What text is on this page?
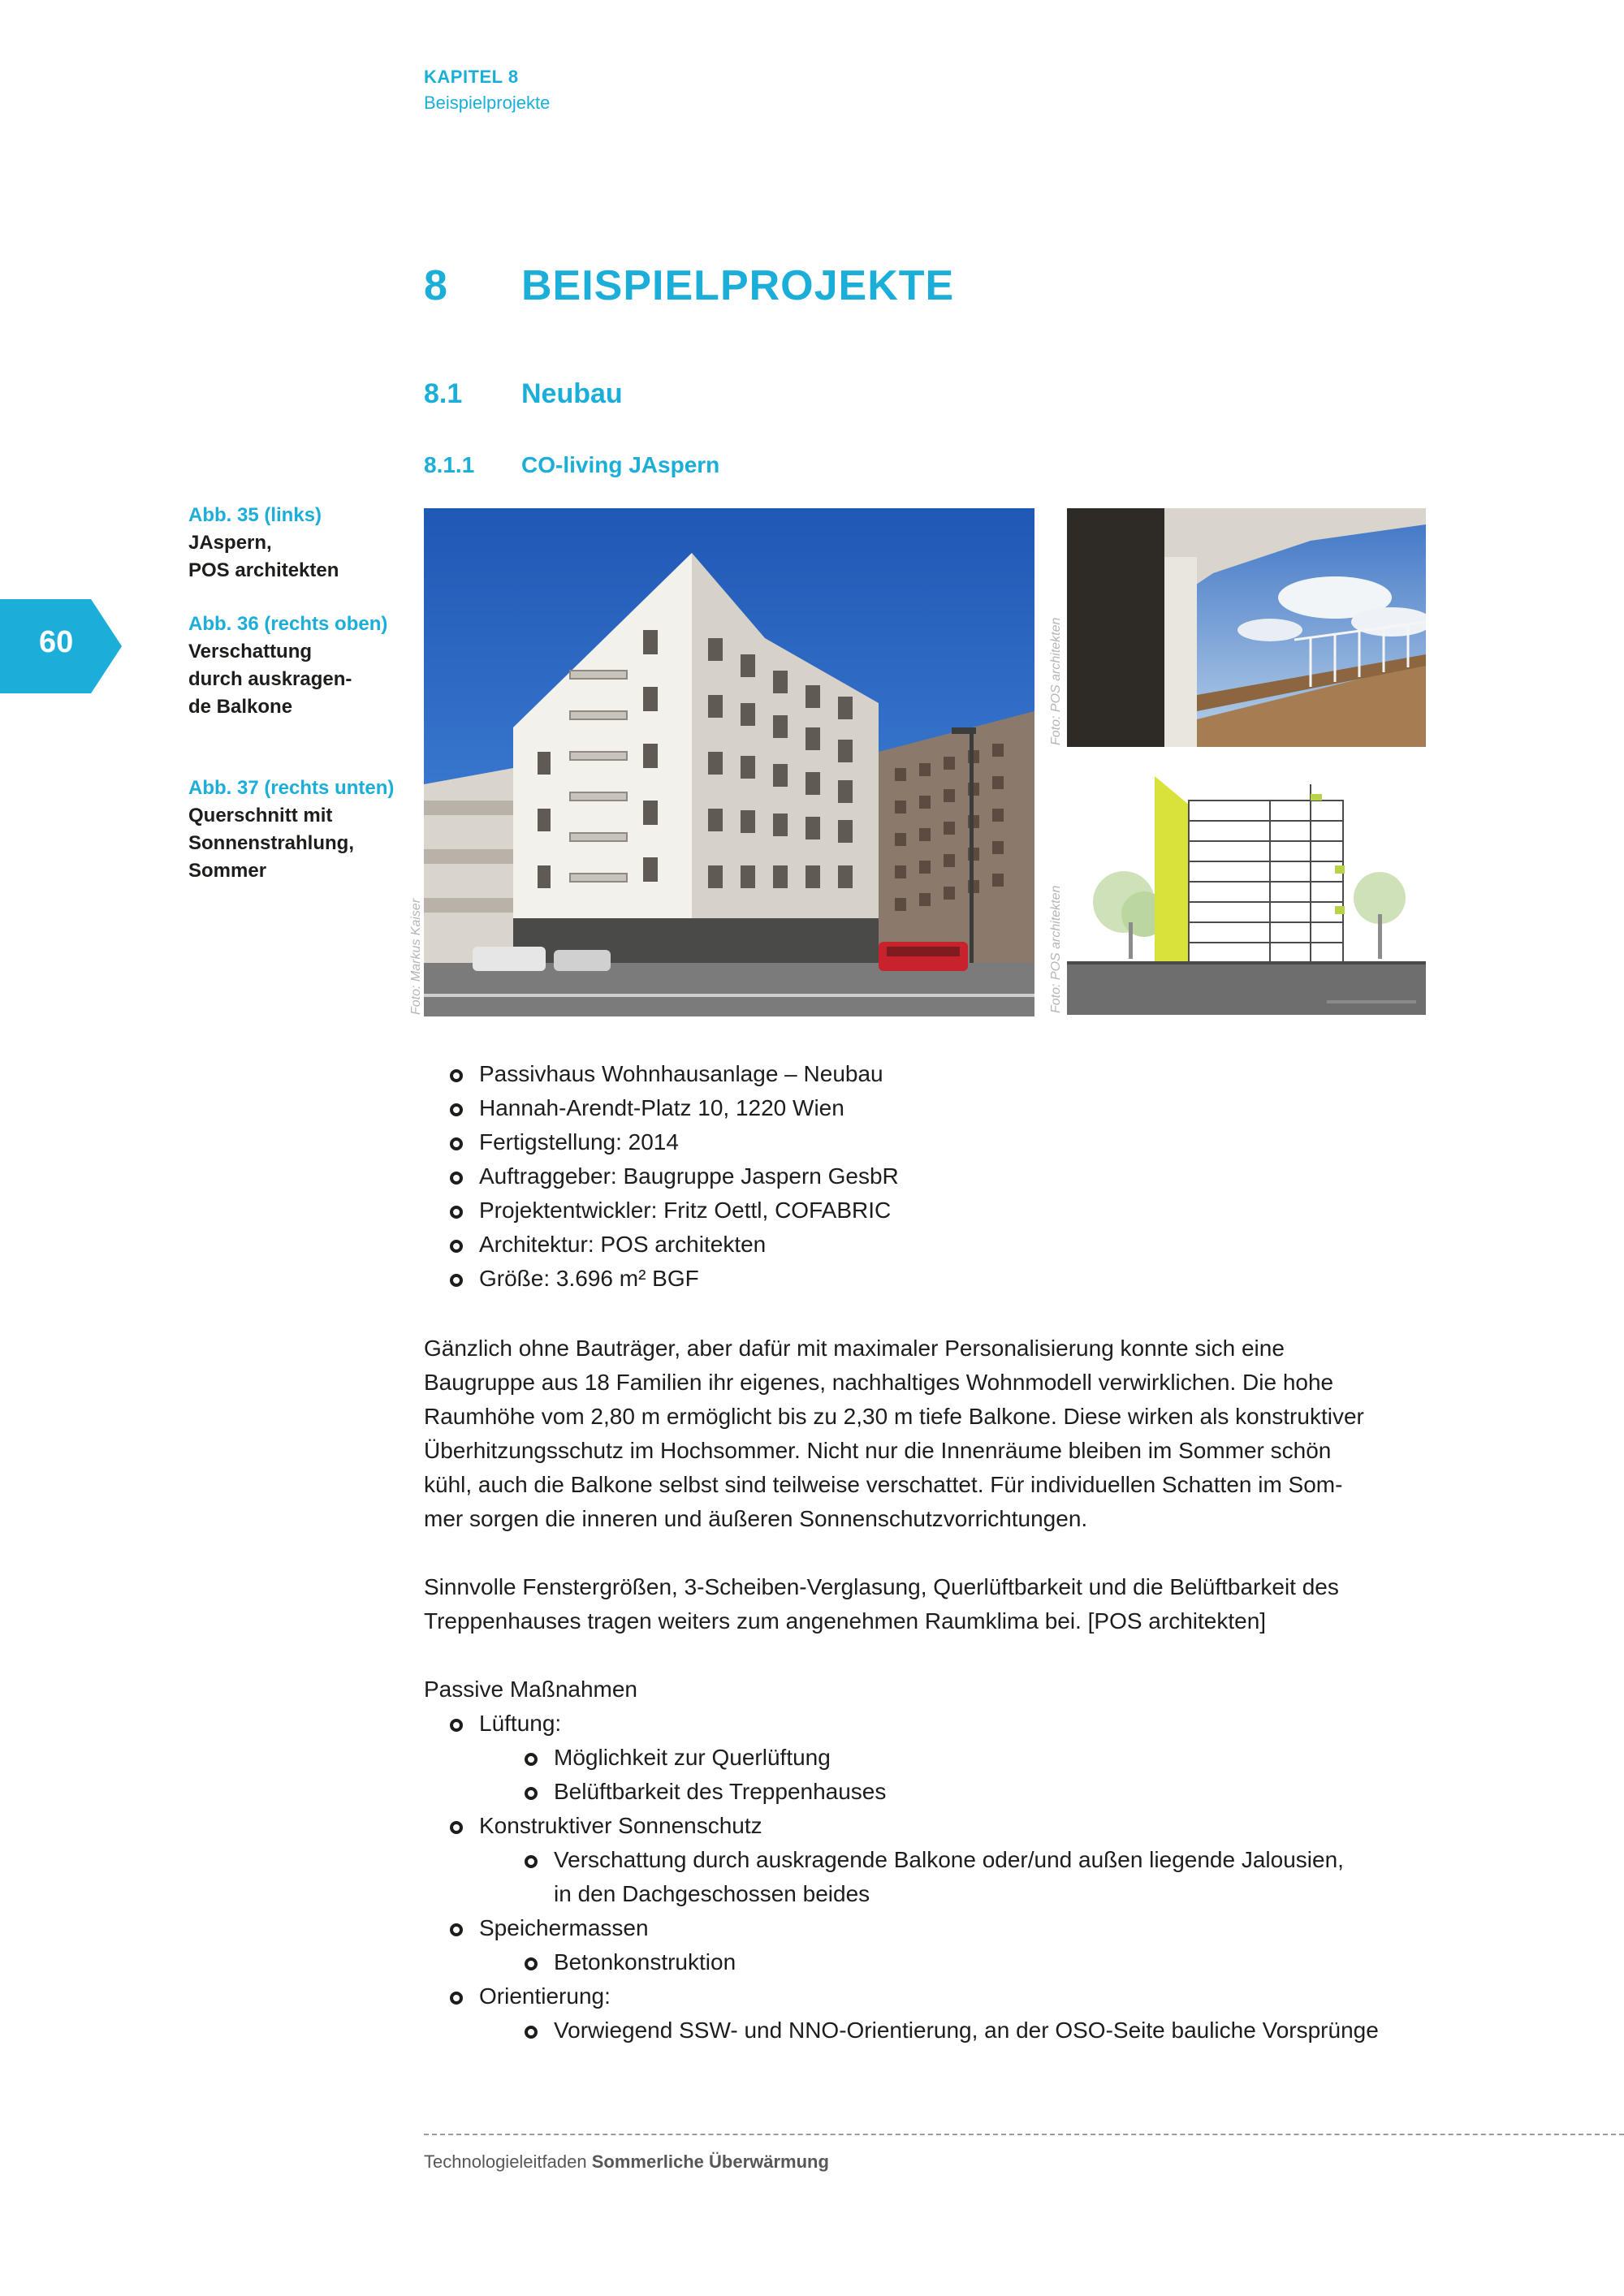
KAPITEL 8
Beispielprojekte
8 BEISPIELPROJEKTE
8.1 Neubau
8.1.1 CO-living JAspern
60
Abb. 35 (links)
JAspern,
POS architekten
Abb. 36 (rechts oben)
Verschattung
durch auskragen-
de Balkone
Abb. 37 (rechts unten)
Querschnitt mit
Sonnenstrahlung,
Sommer
Foto: Markus Kaiser
Foto: POS architekten
Foto: POS architekten
Passivhaus Wohnhausanlage – Neubau
Hannah-Arendt-Platz 10, 1220 Wien
Fertigstellung: 2014
Auftraggeber: Baugruppe Jaspern GesbR
Projektentwickler: Fritz Oettl, COFABRIC
Architektur: POS architekten
Größe: 3.696 m² BGF
Gänzlich ohne Bauträger, aber dafür mit maximaler Personalisierung konnte sich eine
Baugruppe aus 18 Familien ihr eigenes, nachhaltiges Wohnmodell verwirklichen. Die hohe
Raumhöhe vom 2,80 m ermöglicht bis zu 2,30 m tiefe Balkone. Diese wirken als konstruktiver
Überhitzungsschutz im Hochsommer. Nicht nur die Innenräume bleiben im Sommer schön
kühl, auch die Balkone selbst sind teilweise verschattet. Für individuellen Schatten im Som-
mer sorgen die inneren und äußeren Sonnenschutzvorrichtungen.
Sinnvolle Fenstergrößen, 3-Scheiben-Verglasung, Querlüftbarkeit und die Belüftbarkeit des
Treppenhauses tragen weiters zum angenehmen Raumklima bei. [POS architekten]
Passive Maßnahmen
Lüftung:
Möglichkeit zur Querlüftung
Belüftbarkeit des Treppenhauses
Konstruktiver Sonnenschutz
Verschattung durch auskragende Balkone oder/und außen liegende Jalousien,
in den Dachgeschossen beides
Speichermassen
Betonkonstruktion
Orientierung:
Vorwiegend SSW- und NNO-Orientierung, an der OSO-Seite bauliche Vorsprünge
Technologieleitfaden Sommerliche Überwärmung
